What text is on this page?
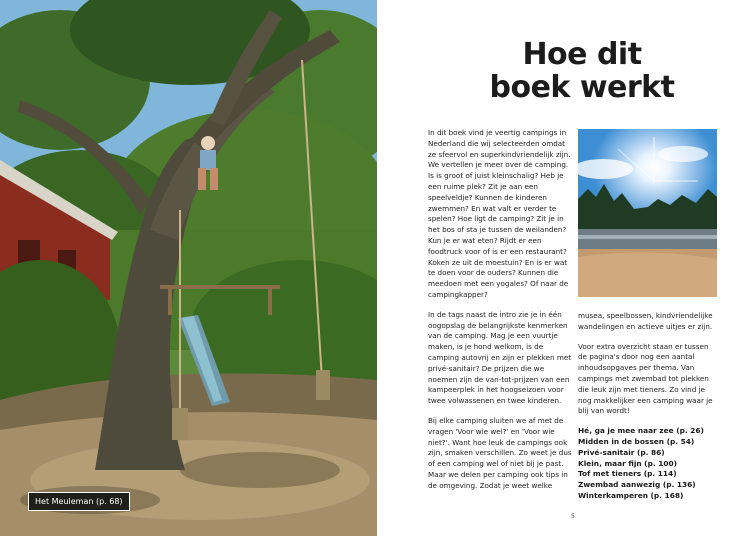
Het Meuleman (p. 68)
Hoe dit
boek werkt

In dit boek vind je veertig campings in Nederland die wij selecteerden omdat ze sfeervol en superkindvriendelijk zijn. We vertellen je meer over de camping. Is is groot of juist kleinschalig? Heb je een ruime plek? Zit je aan een speelveldje? Kunnen de kinderen zwemmen? En wat valt er verder te spelen? Hoe ligt de camping? Zit je in het bos of sta je tussen de weilanden? Kun je er wat eten? Rijdt er een foodtruck voor of is er een restaurant? Koken ze uit de moestuin? En is er wat te doen voor de ouders? Kunnen die meedoen met een yogales? Of naar de campingkapper?

In de tags naast de intro zie je in één oogopslag de belangrijkste kenmerken van de camping. Mag je een vuurtje maken, is je hond welkom, is de camping autovrij en zijn er plekken met privé-sanitair? De prijzen die we noemen zijn de van-tot-prijzen van een kampeerplek in het hoogseizoen voor twee volwassenen en twee kinderen.

Bij elke camping sluiten we af met de vragen 'Voor wie wel?' en 'Voor wie niet?'. Want hoe leuk de campings ook zijn, smaken verschillen. Zo weet je dus of een camping wel of niet bij je past. Maar we delen per camping ook tips in de omgeving. Zodat je weet welke

musea, speelbossen, kindvriendelijke wandelingen en actieve uitjes er zijn.

Voor extra overzicht staan er tussen de pagina's door nog een aantal inhoudsopgaves per thema. Van campings met zwembad tot plekken die leuk zijn met tieners. Zo vind je nog makkelijker een camping waar je blij van wordt!

Hé, ga je mee naar zee (p. 26)
Midden in de bossen (p. 54)
Privé-sanitair (p. 86)
Klein, maar fijn (p. 100)
Tof met tieners (p. 114)
Zwembad aanwezig (p. 136)
Winterkamperen (p. 168)
5
